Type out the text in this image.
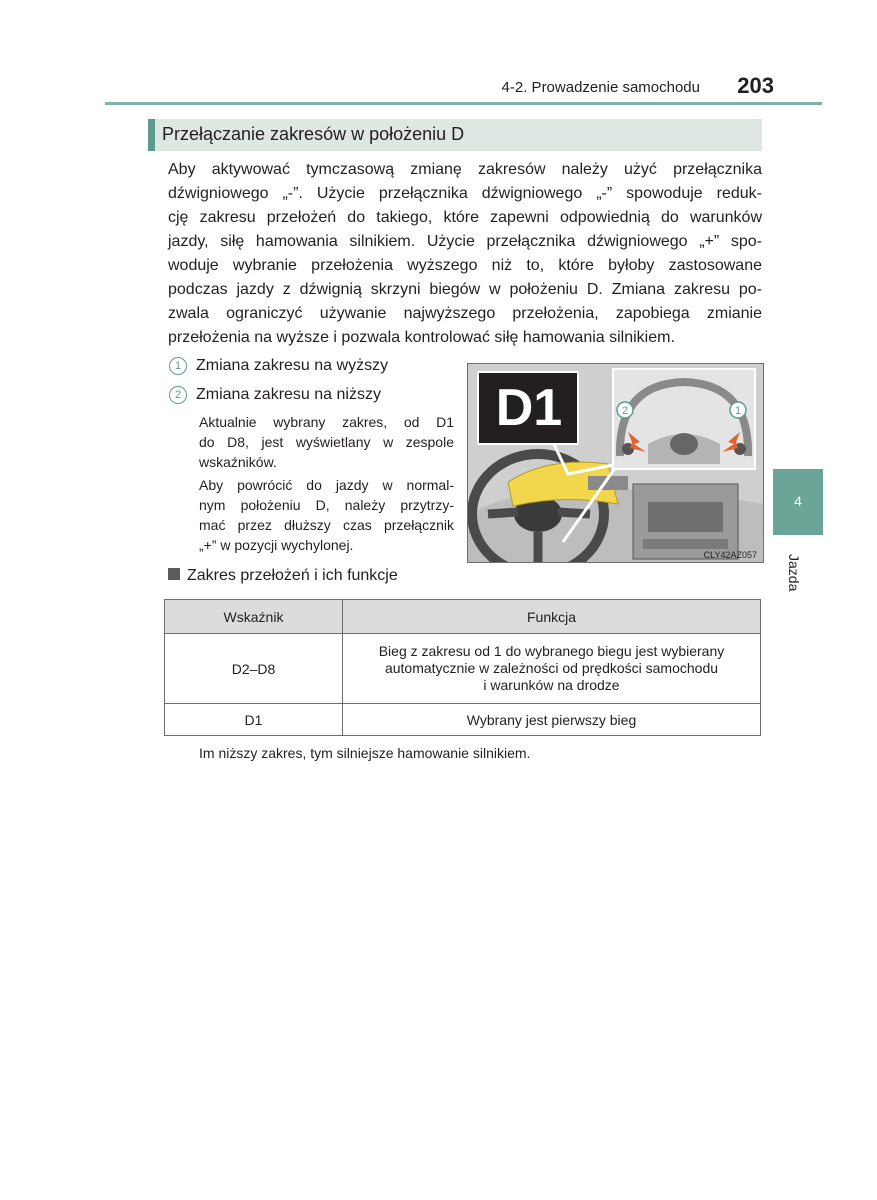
4-2. Prowadzenie samochodu	203
Przełączanie zakresów w położeniu D
Aby aktywować tymczasową zmianę zakresów należy użyć przełącznika
dźwigniowego „-”. Użycie przełącznika dźwigniowego „-” spowoduje reduk-
cję zakresu przełożeń do takiego, które zapewni odpowiednią do warunków
jazdy, siłę hamowania silnikiem. Użycie przełącznika dźwigniowego „+” spo-
woduje wybranie przełożenia wyższego niż to, które byłoby zastosowane
podczas jazdy z dźwignią skrzyni biegów w położeniu D. Zmiana zakresu po-
zwala ograniczyć używanie najwyższego przełożenia, zapobiega zmianie
przełożenia na wyższe i pozwala kontrolować siłę hamowania silnikiem.
1 Zmiana zakresu na wyższy
2 Zmiana zakresu na niższy
Aktualnie wybrany zakres, od D1
do D8, jest wyświetlany w zespole
wskaźników.
Aby powrócić do jazdy w normal-
nym położeniu D, należy przytrzy-
mać przez dłuższy czas przełącznik
„+” w pozycji wychylonej.
2	1
D1
CLY42AZ057
Zakres przełożeń i ich funkcje
Wskaźnik	Funkcja
D2–D8	Bieg z zakresu od 1 do wybranego biegu jest wybierany
automatycznie w zależności od prędkości samochodu
i warunków na drodze

D1	Wybrany jest pierwszy bieg
Im niższy zakres, tym silniejsze hamowanie silnikiem.
4
Jazda
